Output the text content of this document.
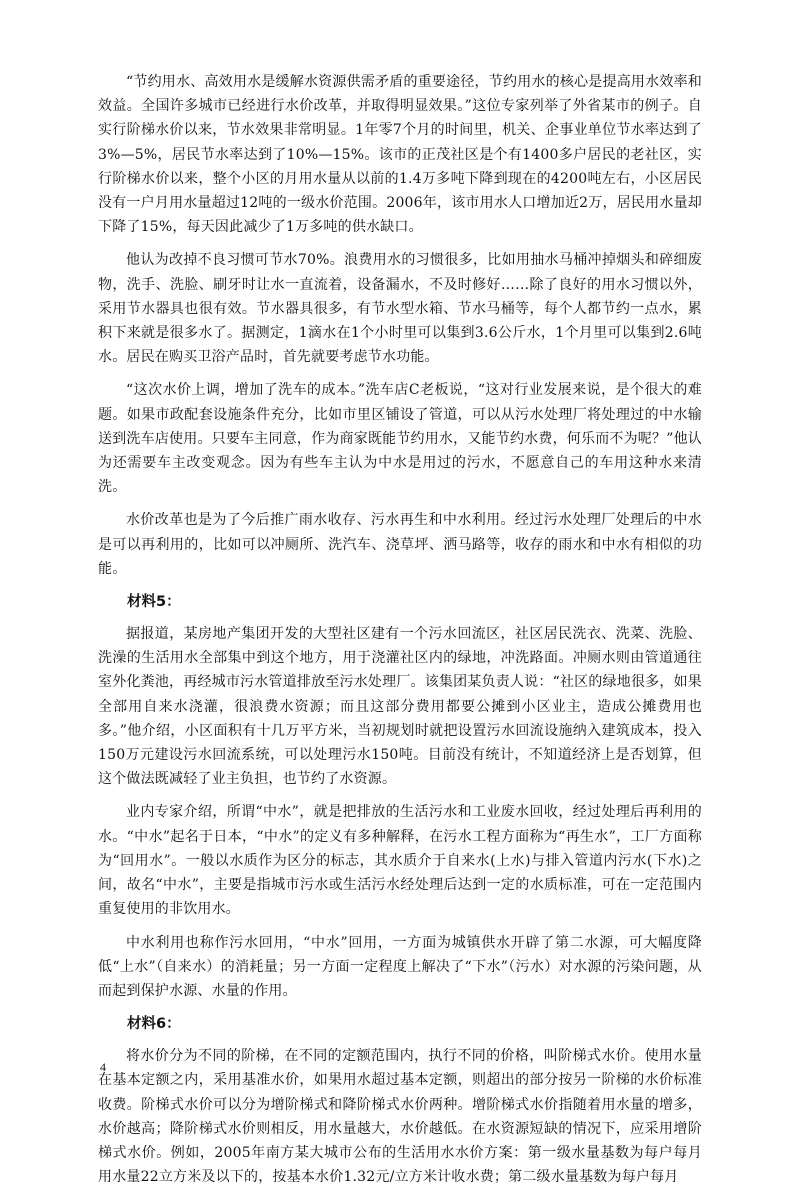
“节约用水、高效用水是缓解水资源供需矛盾的重要途径，节约用水的核心是提高用水效率和效益。全国许多城市已经进行水价改革，并取得明显效果。”这位专家列举了外省某市的例子。自实行阶梯水价以来，节水效果非常明显。1年零7个月的时间里，机关、企事业单位节水率达到了3%—5%，居民节水率达到了10%—15%。该市的正茂社区是个有1400多户居民的老社区，实行阶梯水价以来，整个小区的月用水量从以前的1.4万多吨下降到现在的4200吨左右，小区居民没有一户月用水量超过12吨的一级水价范围。2006年，该市用水人口增加近2万，居民用水量却下降了15%，每天因此减少了1万多吨的供水缺口。

他认为改掉不良习惯可节水70%。浪费用水的习惯很多，比如用抽水马桶冲掉烟头和碎细废物，洗手、洗脸、刷牙时让水一直流着，设备漏水，不及时修好……除了良好的用水习惯以外，采用节水器具也很有效。节水器具很多，有节水型水箱、节水马桶等，每个人都节约一点水，累积下来就是很多水了。据测定，1滴水在1个小时里可以集到3.6公斤水，1个月里可以集到2.6吨水。居民在购买卫浴产品时，首先就要考虑节水功能。

“这次水价上调，增加了洗车的成本。”洗车店C老板说，“这对行业发展来说，是个很大的难题。如果市政配套设施条件充分，比如市里区铺设了管道，可以从污水处理厂将处理过的中水输送到洗车店使用。只要车主同意，作为商家既能节约用水，又能节约水费，何乐而不为呢？”他认为还需要车主改变观念。因为有些车主认为中水是用过的污水，不愿意自己的车用这种水来清洗。

水价改革也是为了今后推广雨水收存、污水再生和中水利用。经过污水处理厂处理后的中水是可以再利用的，比如可以冲厕所、洗汽车、浇草坪、洒马路等，收存的雨水和中水有相似的功能。

材料5：

据报道，某房地产集团开发的大型社区建有一个污水回流区，社区居民洗衣、洗菜、洗脸、洗澡的生活用水全部集中到这个地方，用于浇灌社区内的绿地，冲洗路面。冲厕水则由管道通往室外化粪池，再经城市污水管道排放至污水处理厂。该集团某负责人说：“社区的绿地很多，如果全部用自来水浇灌，很浪费水资源；而且这部分费用都要公摊到小区业主，造成公摊费用也多。”他介绍，小区面积有十几万平方米，当初规划时就把设置污水回流设施纳入建筑成本，投入150万元建设污水回流系统，可以处理污水150吨。目前没有统计，不知道经济上是否划算，但这个做法既减轻了业主负担，也节约了水资源。

业内专家介绍，所谓“中水”，就是把排放的生活污水和工业废水回收，经过处理后再利用的水。“中水”起名于日本，“中水”的定义有多种解释，在污水工程方面称为“再生水”，工厂方面称为“回用水”。一般以水质作为区分的标志，其水质介于自来水(上水)与排入管道内污水(下水)之间，故名“中水”，主要是指城市污水或生活污水经处理后达到一定的水质标准，可在一定范围内重复使用的非饮用水。

中水利用也称作污水回用，“中水”回用，一方面为城镇供水开辟了第二水源，可大幅度降低“上水”（自来水）的消耗量；另一方面一定程度上解决了“下水”（污水）对水源的污染问题，从而起到保护水源、水量的作用。

材料6：

将水价分为不同的阶梯，在不同的定额范围内，执行不同的价格，叫阶梯式水价。使用水量在基本定额之内，采用基准水价，如果用水超过基本定额，则超出的部分按另一阶梯的水价标准收费。阶梯式水价可以分为增阶梯式和降阶梯式水价两种。增阶梯式水价指随着用水量的增多，水价越高；降阶梯式水价则相反，用水量越大，水价越低。在水资源短缺的情况下，应采用增阶梯式水价。例如，2005年南方某大城市公布的生活用水水价方案：第一级水量基数为每户每月用水量22立方米及以下的，按基本水价1.32元/立方米计收水费；第二级水量基数为每户每月

4
